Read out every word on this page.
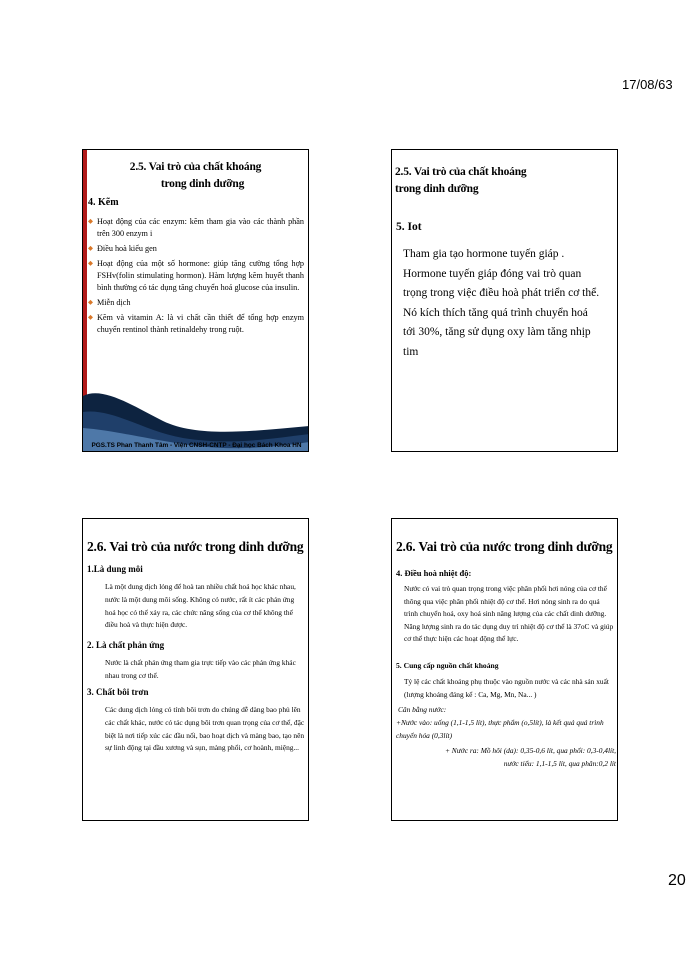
17/08/63
2.5. Vai trò của chất khoáng
trong dinh dưỡng
4. Kẽm
◆ Hoạt động của các enzym: kẽm tham gia vào các thành phần trên 300 enzym i
◆ Điều hoà kiểu gen
◆ Hoạt động của một số hormone: giúp tăng cường tổng hợp FSHv(folin stimulating hormon). Hàm lượng kẽm huyết thanh bình thường có tác dụng tăng chuyển hoá glucose của insulin.
◆ Miễn dịch
◆ Kẽm và vitamin A: là vi chất cần thiết để tổng hợp enzym chuyển rentinol thành retinaldehy trong ruột.
PGS.TS Phan Thanh Tâm - Viện CNSH-CNTP - Đại học Bách Khoa HN
2.5. Vai trò của chất khoáng
trong dinh dưỡng
5. Iot
Tham gia tạo hormone tuyến giáp . Hormone tuyến giáp đóng vai trò quan trọng trong việc điều hoà phát triển cơ thể. Nó kích thích tăng quá trình chuyển hoá tới 30%, tăng sử dụng oxy làm tăng nhịp tim
2.6. Vai trò của nước trong dinh dưỡng
1.Là dung môi
Là một dung dịch lỏng để hoà tan nhiều chất hoá học khác nhau, nước là một dung môi sống. Không có nước, rất ít các phản ứng hoá học có thể xảy ra, các chức năng sống của cơ thể không thể điều hoà và thực hiện được.
2. Là chất phản ứng
Nước là chất phản ứng tham gia trực tiếp vào các phản ứng khác nhau trong cơ thể.
3. Chất bôi trơn
Các dung dịch lỏng có tính bôi trơn do chúng dễ dàng bao phủ lên các chất khác, nước có tác dụng bôi trơn quan trọng của cơ thể, đặc biệt là nơi tiếp xúc các đầu nối, bao hoạt dịch và màng bao, tạo nên sự linh động tại đầu xương và sụn, màng phổi, cơ hoành, miệng...
2.6. Vai trò của nước trong dinh dưỡng
4. Điều hoà nhiệt độ:
Nước có vai trò quan trọng trong việc phân phối hơi nóng của cơ thể thông qua việc phân phối nhiệt độ cơ thể. Hơi nóng sinh ra do quá trình chuyển hoá, oxy hoá sinh năng lượng của các chất dinh dưỡng. Năng lượng sinh ra do tác dụng duy trì nhiệt độ cơ thể là 37oC và giúp cơ thể thực hiện các hoạt động thể lực.
5. Cung cấp nguồn chất khoáng
Tỷ lệ các chất khoáng phụ thuộc vào nguồn nước và các nhà sản xuất (lượng khoáng đáng kể : Ca, Mg, Mn, Na... )
Cân bằng nước:
+Nước vào: uống (1,1-1,5 lít), thực phẩm (o,5lít), là kết quả quá trình chuyển hóa (0,3lít)
+ Nước ra: Mồ hôi (da): 0,35-0,6 lít, qua phổi: 0,3-0,4lít,
nước tiểu: 1,1-1,5 lít, qua phân:0,2 lít
20
